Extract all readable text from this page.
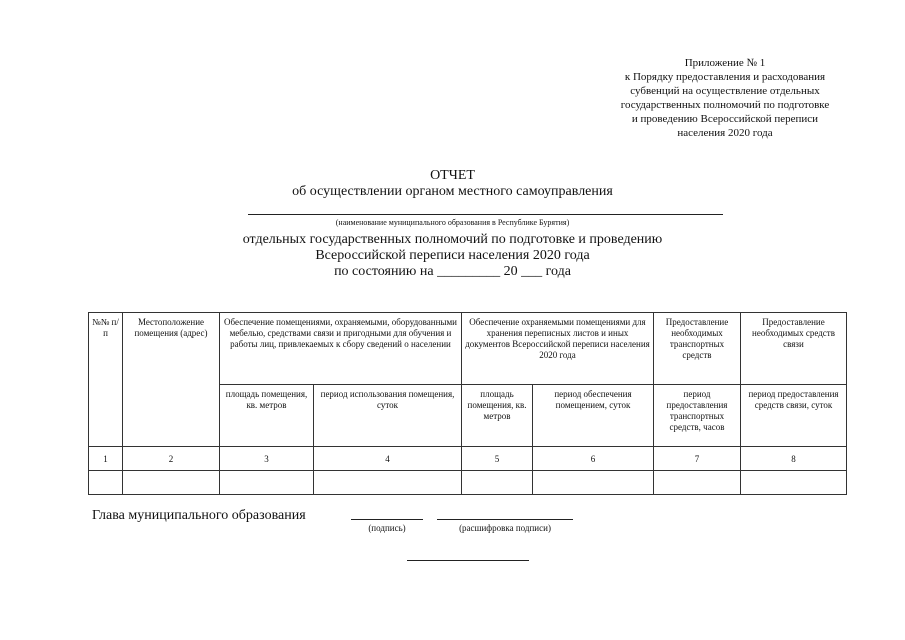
Приложение № 1
к Порядку предоставления и расходования
субвенций на осуществление отдельных
государственных полномочий по подготовке
и проведению Всероссийской переписи
населения 2020 года
ОТЧЕТ
об осуществлении органом местного самоуправления
(наименование муниципального образования в Республике Бурятия)
отдельных государственных полномочий по подготовке и проведению
Всероссийской переписи населения 2020 года
по состоянию на _________ 20 ___ года
№№ п/п	Местоположение помещения (адрес)	Обеспечение помещениями, охраняемыми, оборудованными мебелью, средствами связи и пригодными для обучения и работы лиц, привлекаемых к сбору сведений о населении		Обеспечение охраняемыми помещениями для хранения переписных листов и иных документов Всероссийской переписи населения 2020 года		Предоставление необходимых транспортных средств	Предоставление необходимых средств связи
		площадь помещения, кв. метров	период использования помещения, суток	площадь помещения, кв. метров	период обеспечения помещением, суток	период предоставления транспортных средств, часов	период предоставления средств связи, суток
1	2	3	4	5	6	7	8

Глава муниципального образования
(подпись)	(расшифровка подписи)
